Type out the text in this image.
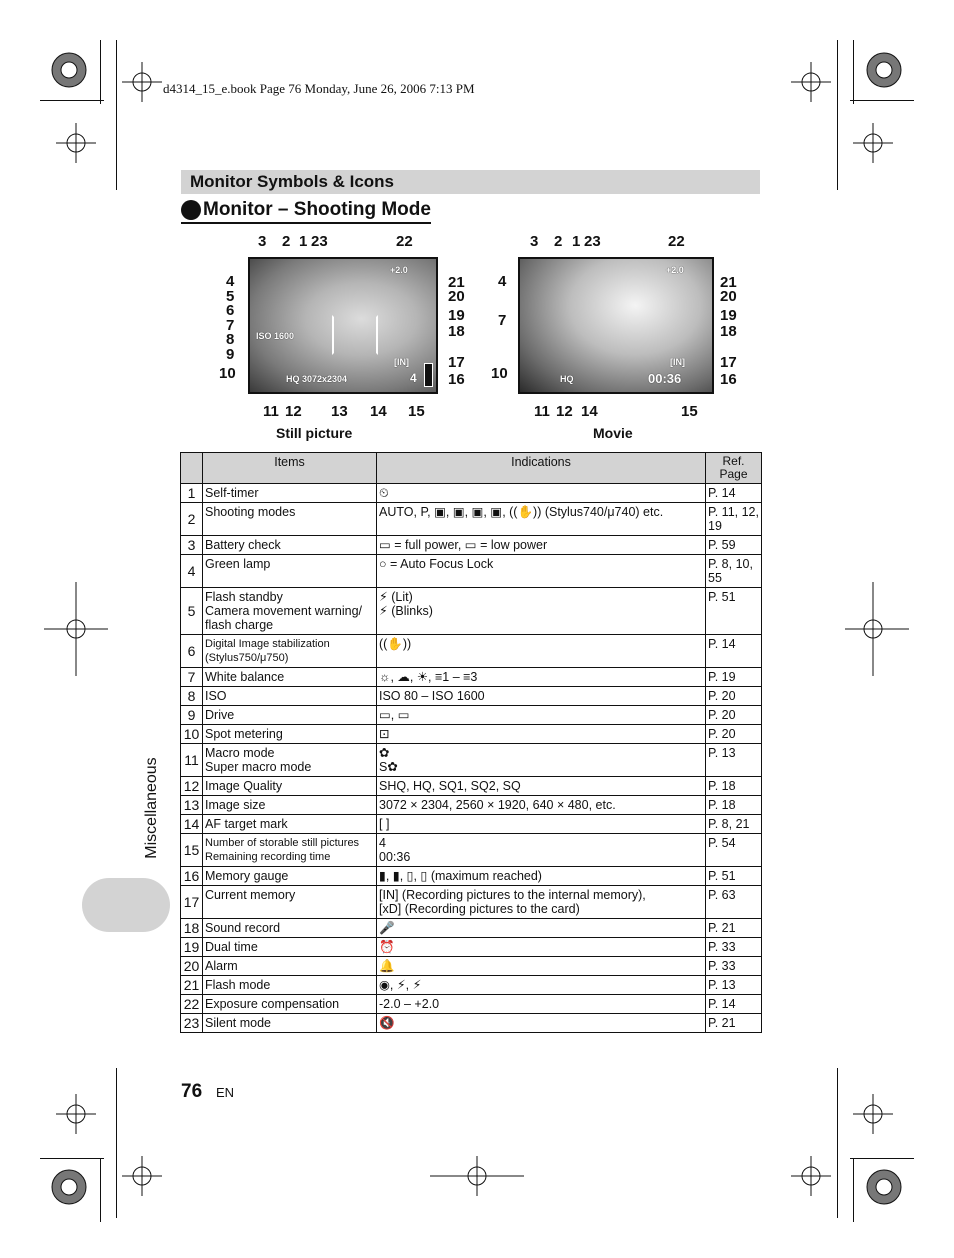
d4314_15_e.book Page 76 Monday, June 26, 2006 7:13 PM
Monitor Symbols & Icons
Monitor – Shooting Mode
+2.0
ISO 1600
HQ 3072x2304
[IN]
4
Still picture
+2.0
HQ
[IN]
00:36
Movie
3 2 1 23	22
4
5
6
7
8
9
10
21
20
19
18
17
16
11 12 13 14 15
3 2 1 23	22
4
7
10
21
20
19
18
17
16
11 12 14	15
	Items	Indications	Ref. Page
1	Self-timer	⏲	P. 14
2	Shooting modes	AUTO, P, ▣, ▣, ▣, ▣, ((✋)) (Stylus740/μ740) etc.	P. 11, 12, 19
3	Battery check	▭ = full power, ▭ = low power	P. 59
4	Green lamp	○ = Auto Focus Lock	P. 8, 10, 55
5	Flash standby
Camera movement warning/ flash charge	⚡ (Lit)
⚡ (Blinks)	P. 51
6	Digital Image stabilization (Stylus750/μ750)	((✋))	P. 14
7	White balance	☼, ☁, ☀, ≡1 – ≡3	P. 19
8	ISO	ISO 80 – ISO 1600	P. 20
9	Drive	▭, ▭	P. 20
10	Spot metering	⊡	P. 20
11	Macro mode
Super macro mode	✿
S✿	P. 13
12	Image Quality	SHQ, HQ, SQ1, SQ2, SQ	P. 18
13	Image size	3072 × 2304, 2560 × 1920, 640 × 480, etc.	P. 18
14	AF target mark	[ ]	P. 8, 21
15	Number of storable still pictures
Remaining recording time	4
00:36	P. 54
16	Memory gauge	▮, ▮, ▯, ▯ (maximum reached)	P. 51
17	Current memory	[IN] (Recording pictures to the internal memory),
[xD] (Recording pictures to the card)	P. 63
18	Sound record	🎤	P. 21
19	Dual time	⏰	P. 33
20	Alarm	🔔	P. 33
21	Flash mode	◉, ⚡, ⚡	P. 13
22	Exposure compensation	-2.0 – +2.0	P. 14
23	Silent mode	🔇	P. 21
Miscellaneous
76 EN
